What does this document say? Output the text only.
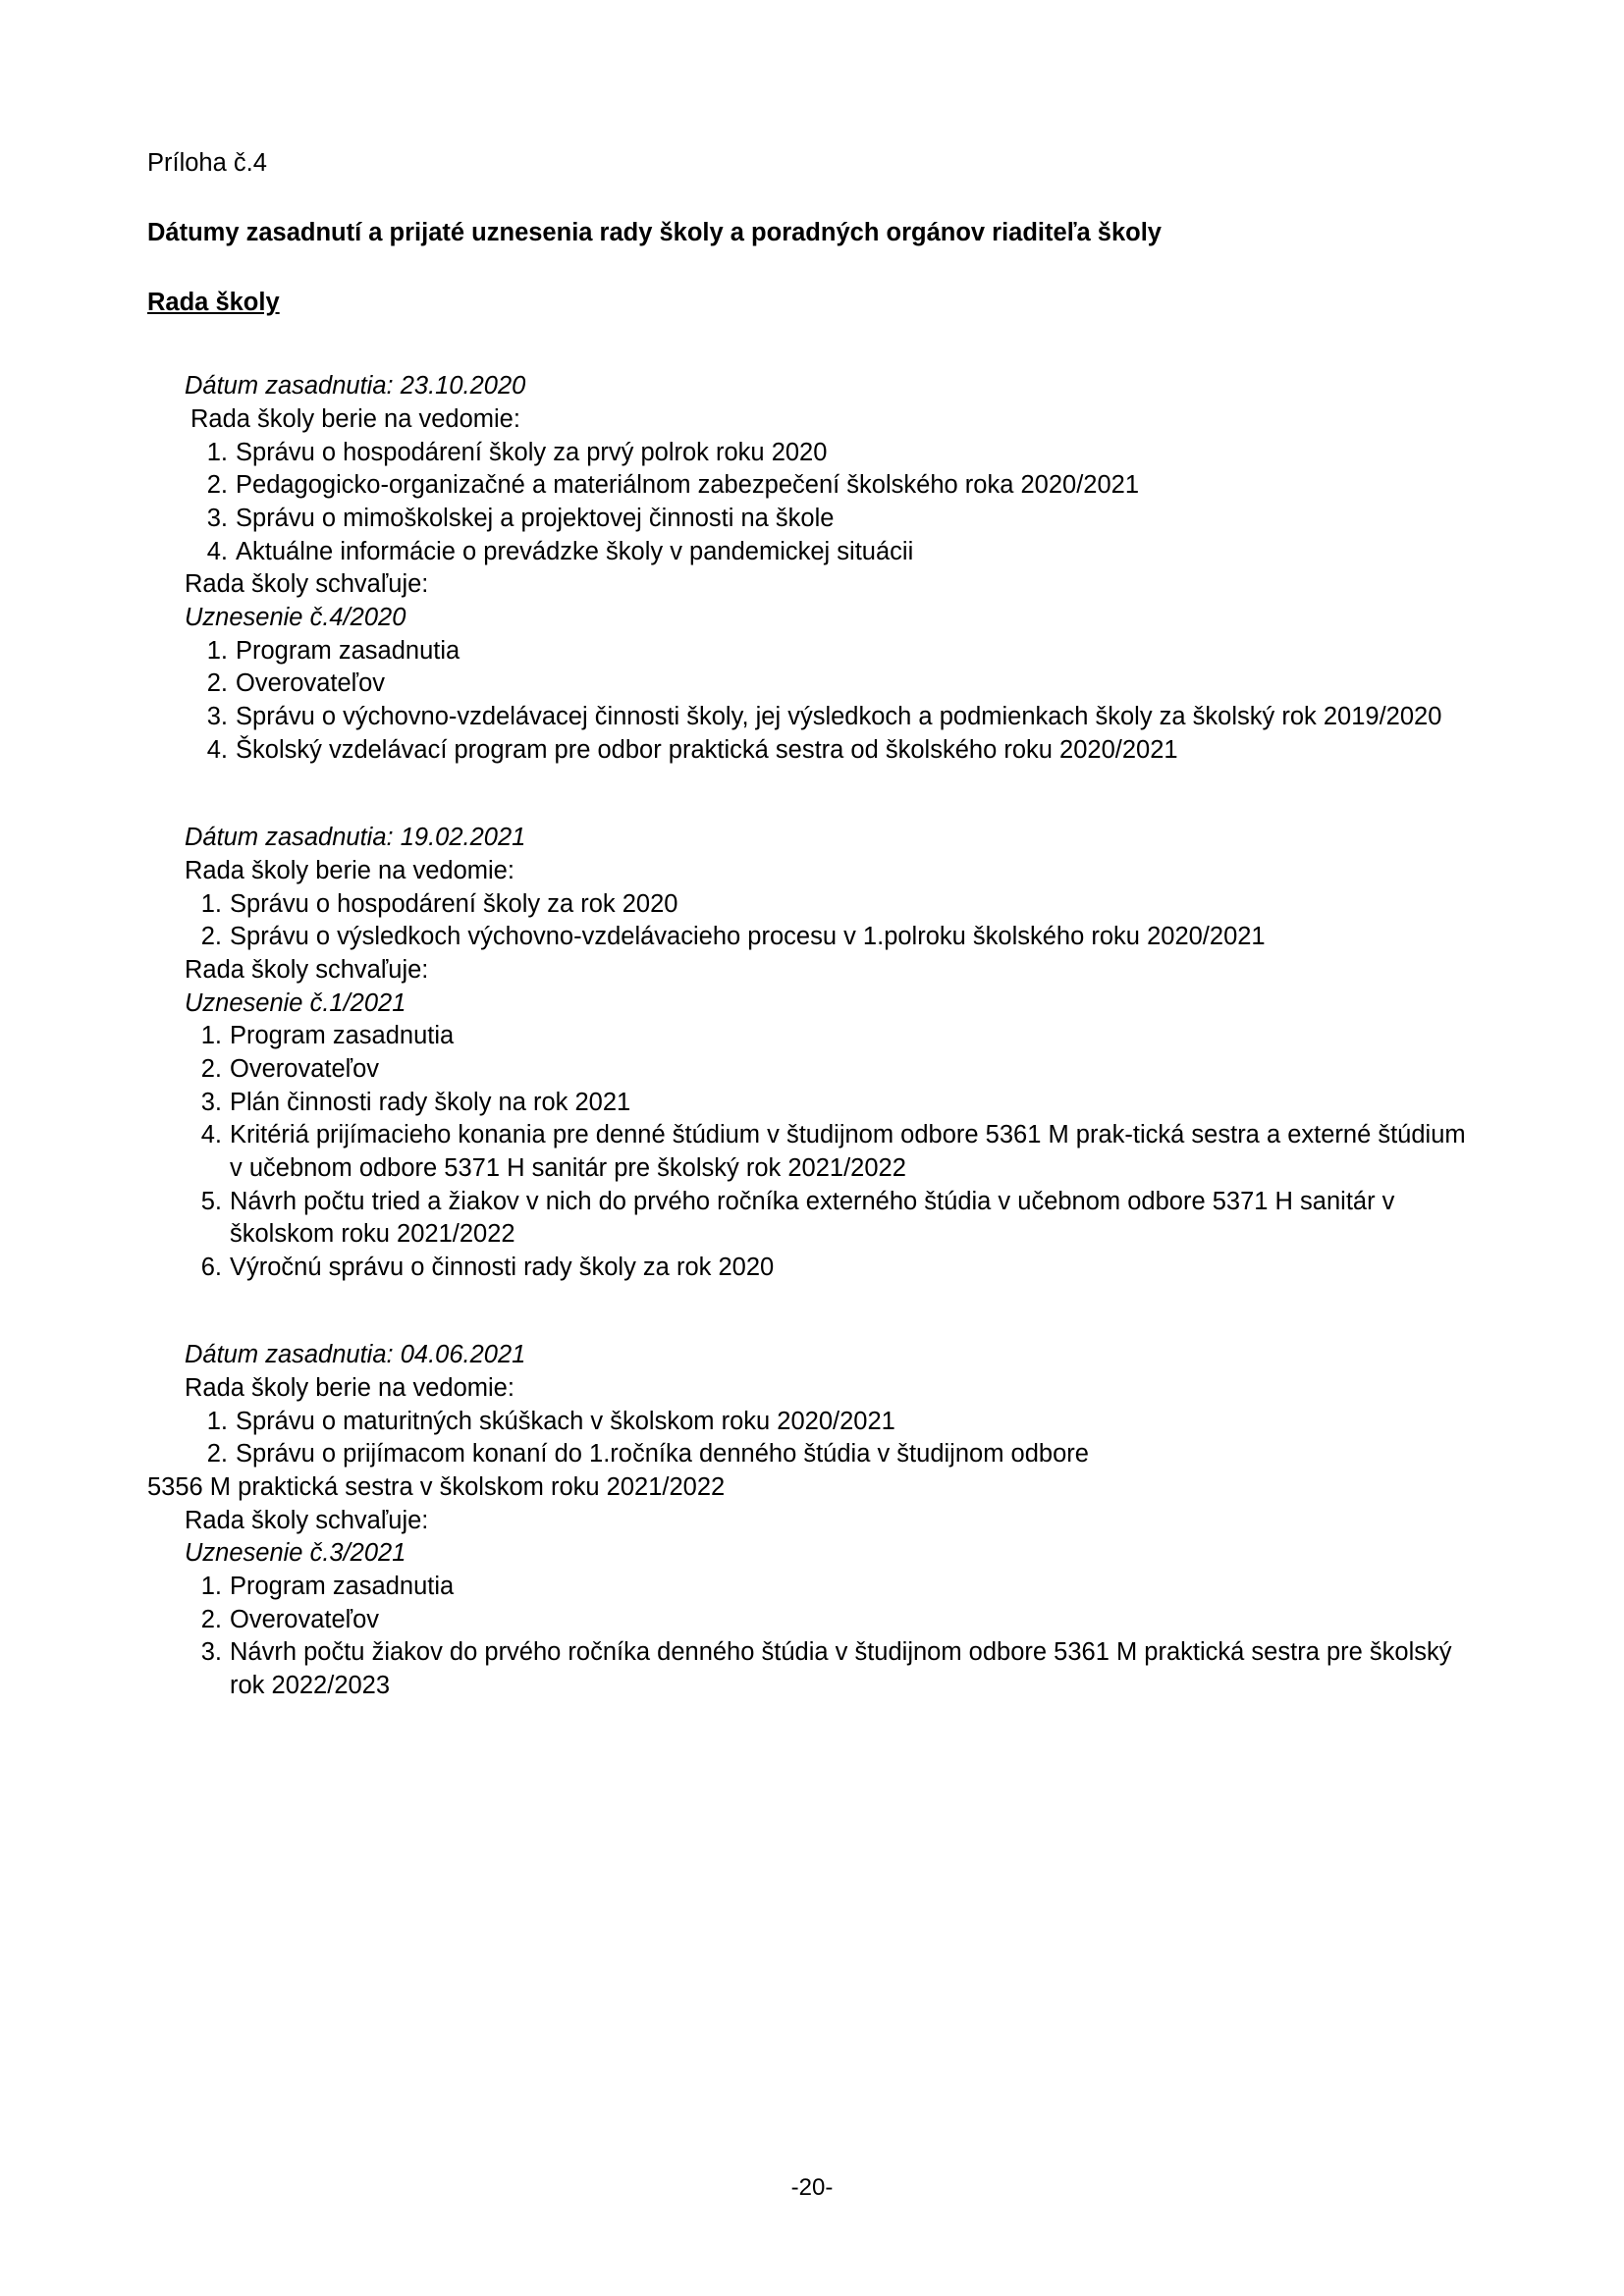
Príloha č.4
Dátumy zasadnutí a prijaté uznesenia rady školy a poradných orgánov riaditeľa školy
Rada školy
Dátum zasadnutia: 23.10.2020
Rada školy berie na vedomie:
1. Správu o hospodárení školy za prvý polrok roku 2020
2. Pedagogicko-organizačné a materiálnom zabezpečení školského roka 2020/2021
3. Správu o mimoškolskej a projektovej činnosti na škole
4. Aktuálne informácie o prevádzke školy v pandemickej situácii
Rada školy schvaľuje:
Uznesenie č.4/2020
1. Program zasadnutia
2. Overovateľov
3. Správu o výchovno-vzdelávacej činnosti školy, jej výsledkoch a podmienkach školy za školský rok 2019/2020
4. Školský vzdelávací program pre odbor praktická sestra od školského roku 2020/2021
Dátum zasadnutia: 19.02.2021
Rada školy berie na vedomie:
1. Správu o hospodárení školy za rok 2020
2. Správu o výsledkoch výchovno-vzdelávacieho procesu v 1.polroku školského roku 2020/2021
Rada školy schvaľuje:
Uznesenie č.1/2021
1. Program zasadnutia
2. Overovateľov
3. Plán činnosti rady školy na rok 2021
4. Kritériá prijímacieho konania pre denné štúdium v študijnom odbore 5361 M prak-tická sestra a externé štúdium v učebnom odbore 5371 H sanitár pre školský rok 2021/2022
5. Návrh počtu tried a žiakov v nich do prvého ročníka externého štúdia v učebnom odbore 5371 H sanitár v školskom roku 2021/2022
6. Výročnú správu o činnosti rady školy za rok 2020
Dátum zasadnutia: 04.06.2021
Rada školy berie na vedomie:
1. Správu o maturitných skúškach v školskom roku 2020/2021
2. Správu o prijímacom konaní do 1.ročníka denného štúdia v študijnom odbore
5356 M praktická sestra v školskom roku 2021/2022
Rada školy schvaľuje:
Uznesenie č.3/2021
1. Program zasadnutia
2. Overovateľov
3. Návrh počtu žiakov do prvého ročníka denného štúdia v študijnom odbore 5361 M praktická sestra pre školský rok 2022/2023
-20-
